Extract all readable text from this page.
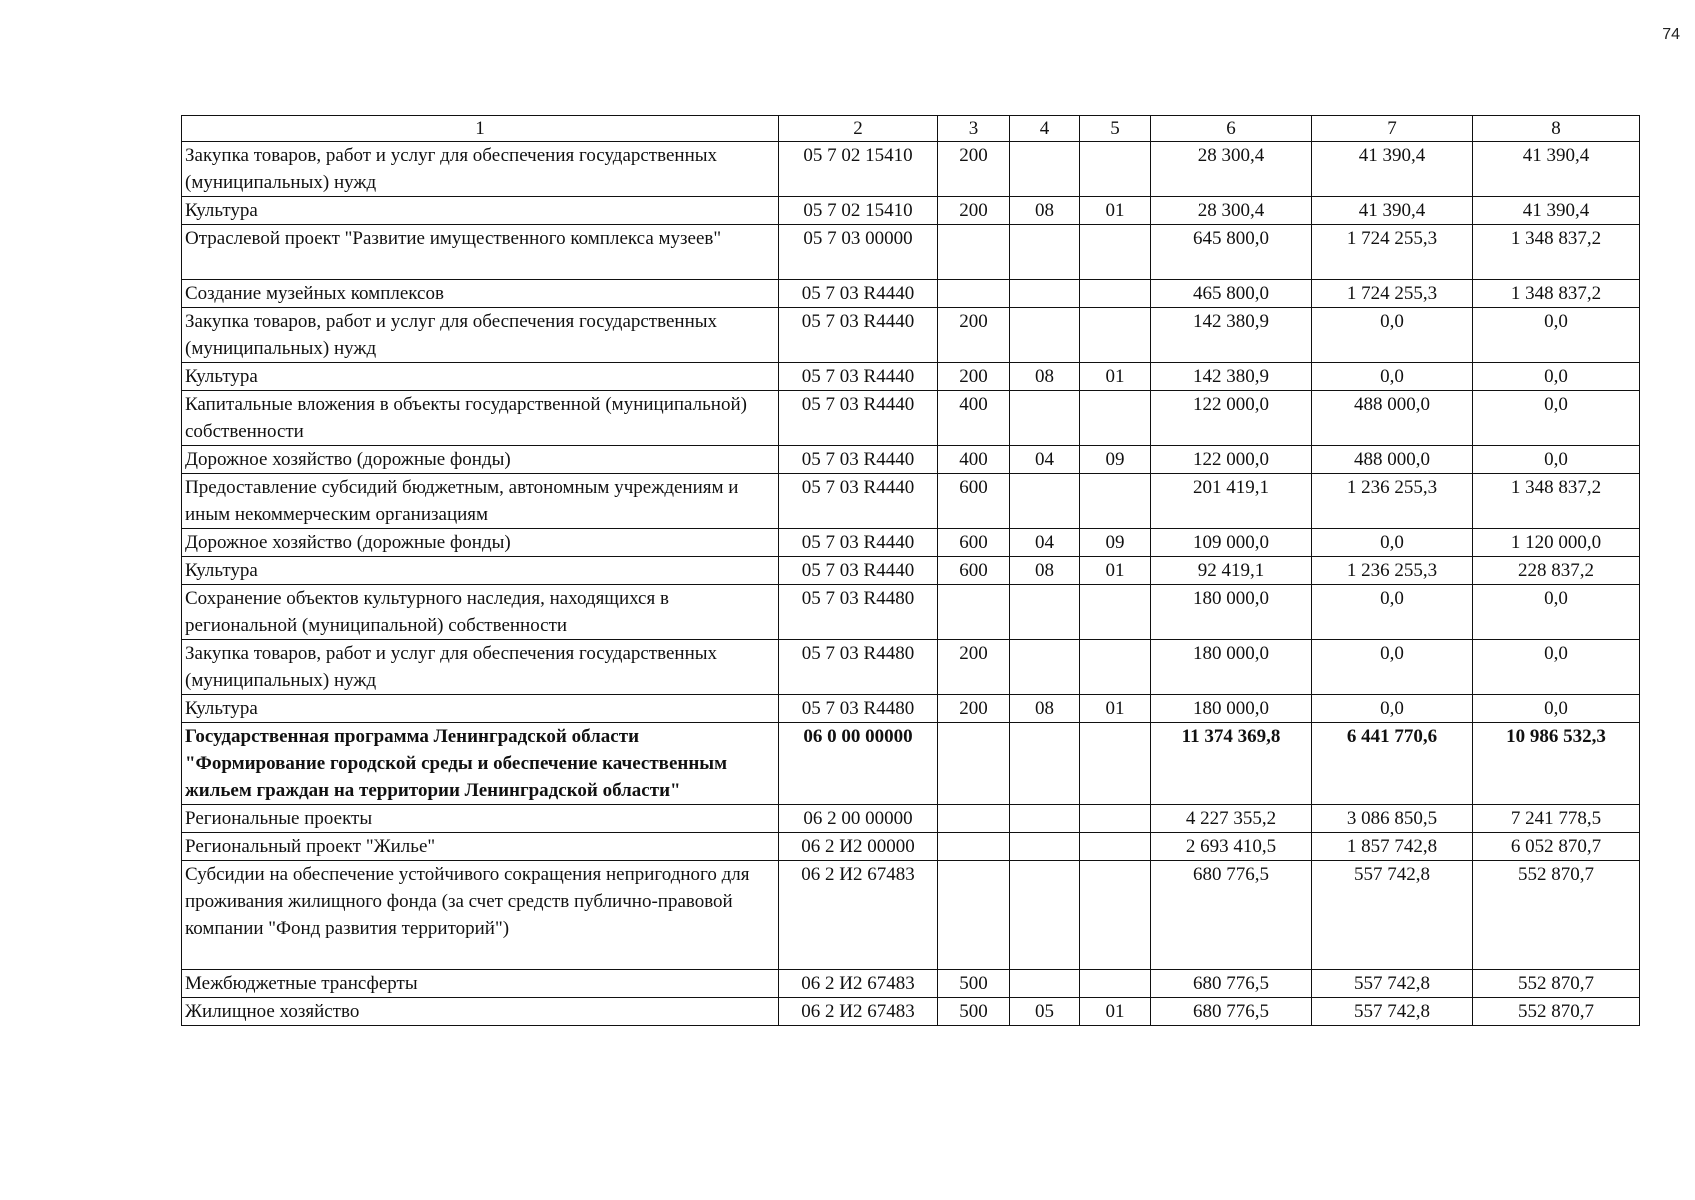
74
1	2	3	4	5	6	7	8
Закупка товаров, работ и услуг для обеспечения государственных (муниципальных) нужд	05 7 02 15410	200			28 300,4	41 390,4	41 390,4
Культура	05 7 02 15410	200	08	01	28 300,4	41 390,4	41 390,4
Отраслевой проект "Развитие имущественного комплекса музеев"	05 7 03 00000				645 800,0	1 724 255,3	1 348 837,2
Создание музейных комплексов	05 7 03 R4440				465 800,0	1 724 255,3	1 348 837,2
Закупка товаров, работ и услуг для обеспечения государственных (муниципальных) нужд	05 7 03 R4440	200			142 380,9	0,0	0,0
Культура	05 7 03 R4440	200	08	01	142 380,9	0,0	0,0
Капитальные вложения в объекты государственной (муниципальной) собственности	05 7 03 R4440	400			122 000,0	488 000,0	0,0
Дорожное хозяйство (дорожные фонды)	05 7 03 R4440	400	04	09	122 000,0	488 000,0	0,0
Предоставление субсидий бюджетным, автономным учреждениям и иным некоммерческим организациям	05 7 03 R4440	600			201 419,1	1 236 255,3	1 348 837,2
Дорожное хозяйство (дорожные фонды)	05 7 03 R4440	600	04	09	109 000,0	0,0	1 120 000,0
Культура	05 7 03 R4440	600	08	01	92 419,1	1 236 255,3	228 837,2
Сохранение объектов культурного наследия, находящихся в региональной (муниципальной) собственности	05 7 03 R4480				180 000,0	0,0	0,0
Закупка товаров, работ и услуг для обеспечения государственных (муниципальных) нужд	05 7 03 R4480	200			180 000,0	0,0	0,0
Культура	05 7 03 R4480	200	08	01	180 000,0	0,0	0,0
Государственная программа Ленинградской области "Формирование городской среды и обеспечение качественным жильем граждан на территории Ленинградской области"	06 0 00 00000				11 374 369,8	6 441 770,6	10 986 532,3
Региональные проекты	06 2 00 00000				4 227 355,2	3 086 850,5	7 241 778,5
Региональный проект "Жилье"	06 2 И2 00000				2 693 410,5	1 857 742,8	6 052 870,7
Субсидии на обеспечение устойчивого сокращения непригодного для проживания жилищного фонда (за счет средств публично-правовой компании "Фонд развития территорий")	06 2 И2 67483				680 776,5	557 742,8	552 870,7
Межбюджетные трансферты	06 2 И2 67483	500			680 776,5	557 742,8	552 870,7
Жилищное хозяйство	06 2 И2 67483	500	05	01	680 776,5	557 742,8	552 870,7
